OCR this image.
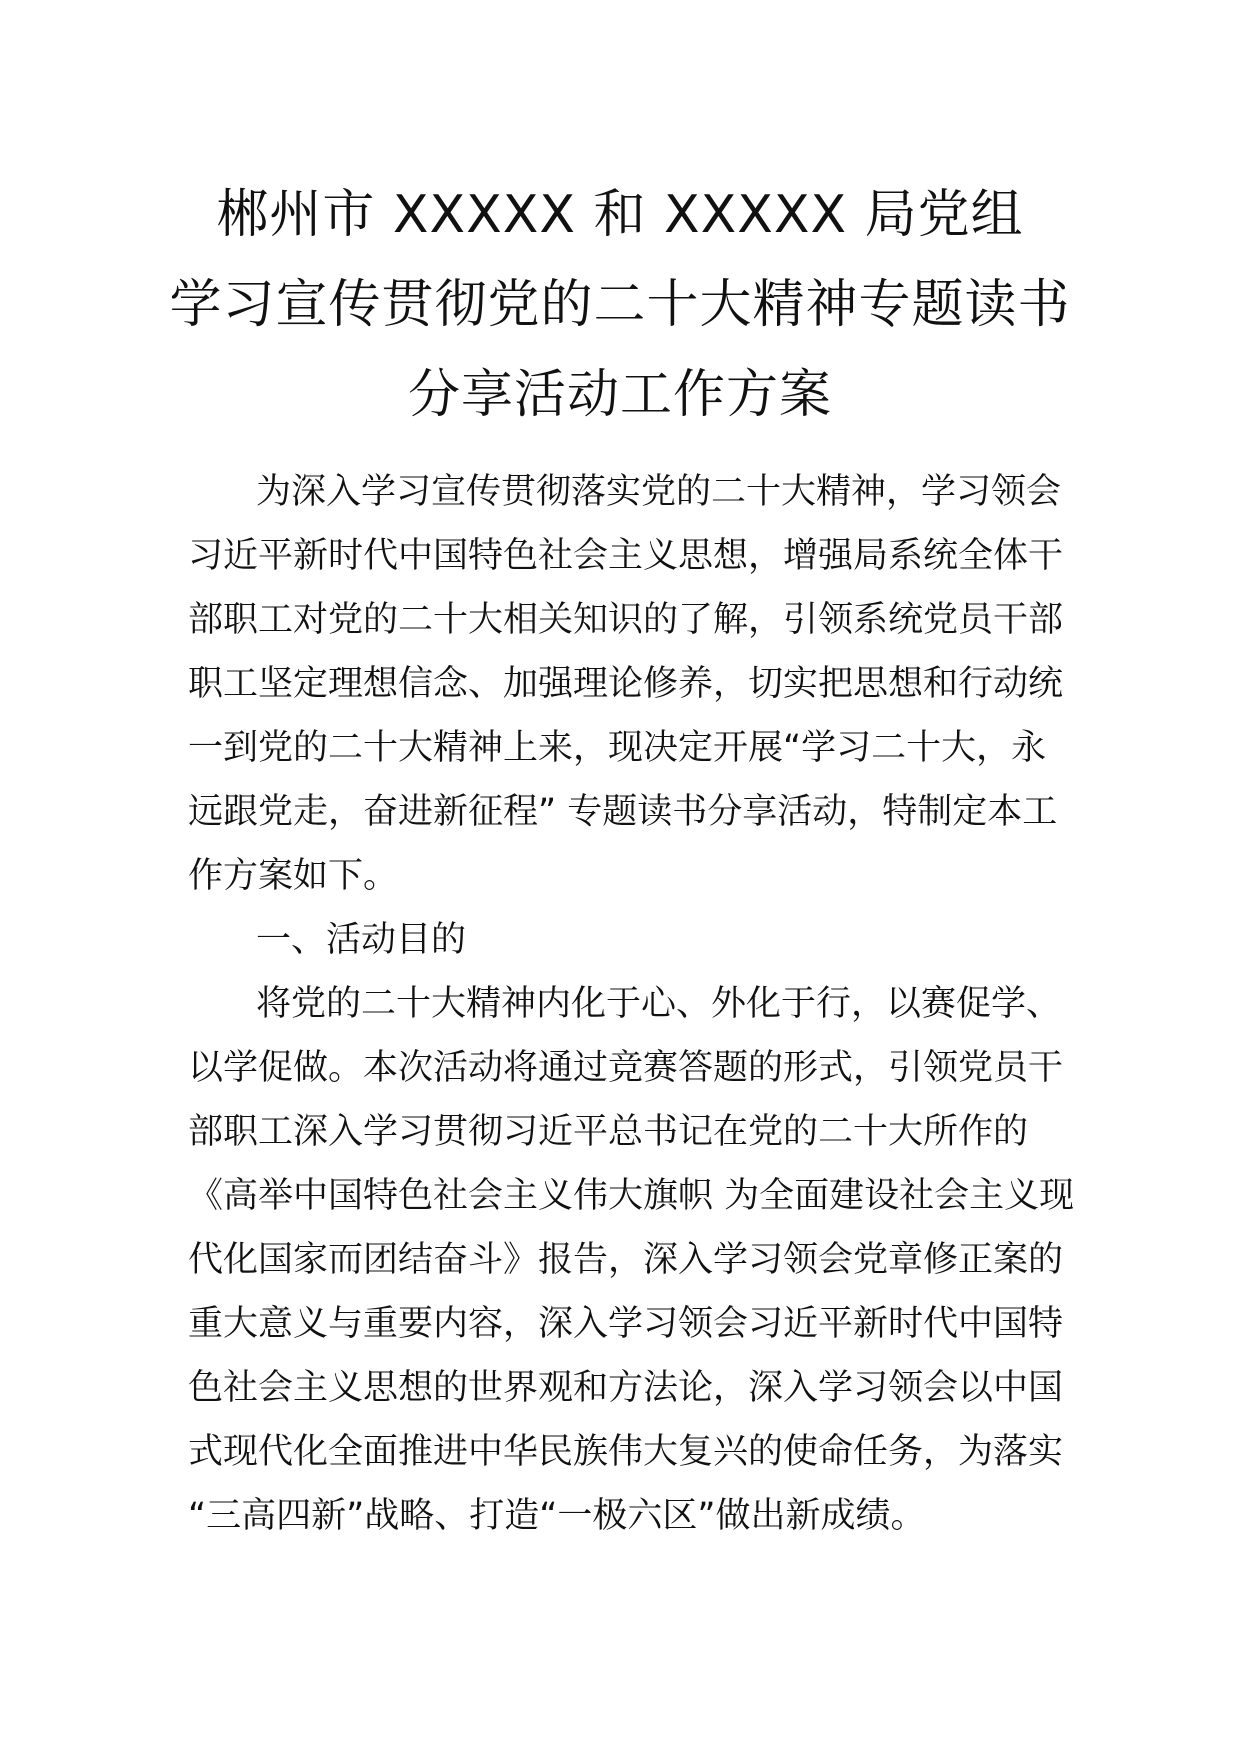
郴州市 XXXXX 和 XXXXX 局党组
学习宣传贯彻党的二十大精神专题读书
分享活动工作方案
为深入学习宣传贯彻落实党的二十大精神，学习领会
习近平新时代中国特色社会主义思想，增强局系统全体干
部职工对党的二十大相关知识的了解，引领系统党员干部
职工坚定理想信念、加强理论修养，切实把思想和行动统
一到党的二十大精神上来，现决定开展“学习二十大，永
远跟党走，奋进新征程” 专题读书分享活动，特制定本工
作方案如下。
一、活动目的
将党的二十大精神内化于心、外化于行，以赛促学、
以学促做。本次活动将通过竞赛答题的形式，引领党员干
部职工深入学习贯彻习近平总书记在党的二十大所作的
《高举中国特色社会主义伟大旗帜 为全面建设社会主义现
代化国家而团结奋斗》报告，深入学习领会党章修正案的
重大意义与重要内容，深入学习领会习近平新时代中国特
色社会主义思想的世界观和方法论，深入学习领会以中国
式现代化全面推进中华民族伟大复兴的使命任务，为落实
“三高四新”战略、打造“一极六区”做出新成绩。
